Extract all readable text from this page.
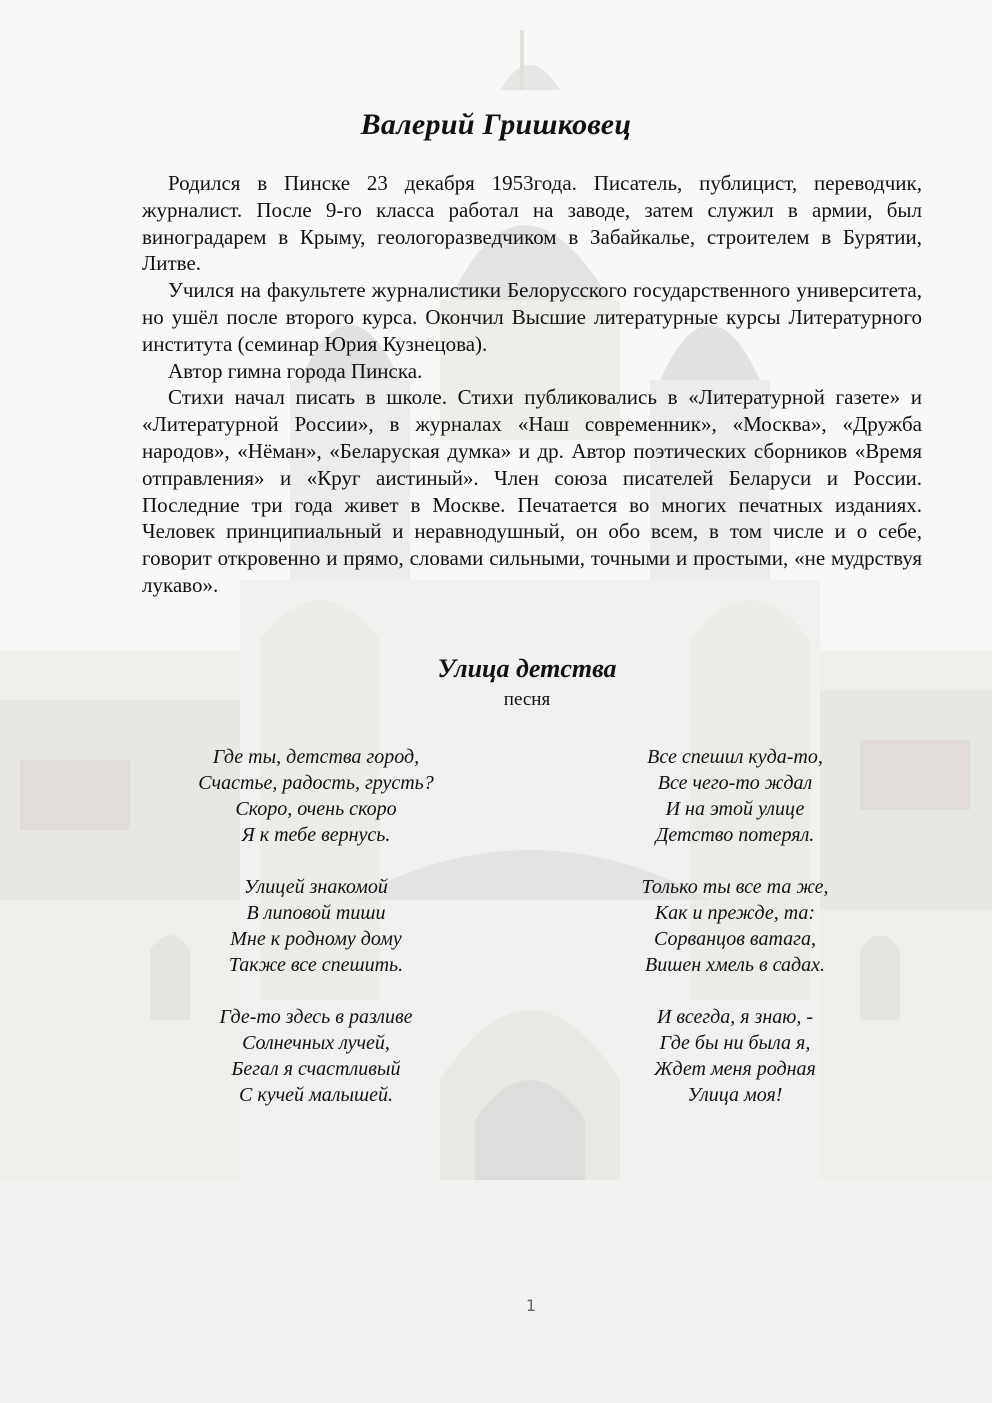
Валерий Гришковец

Родился в Пинске 23 декабря 1953года. Писатель, публицист, переводчик, журналист. После 9-го класса работал на заводе, затем служил в армии, был виноградарем в Крыму, геологоразведчиком в Забайкалье, строителем в Бурятии, Литве.

Учился на факультете журналистики Белорусского государственного университета, но ушёл после второго курса. Окончил Высшие литературные курсы Литературного института (семинар Юрия Кузнецова).

Автор гимна города Пинска.

Стихи начал писать в школе. Стихи публиковались в «Литературной газете» и «Литературной России», в журналах «Наш современник», «Москва», «Дружба народов», «Нёман», «Беларуская думка» и др. Автор поэтических сборников «Время отправления» и «Круг аистиный». Член союза писателей Беларуси и России. Последние три года живет в Москве. Печатается во многих печатных изданиях. Человек принципиальный и неравнодушный, он обо всем, в том числе и о себе, говорит откровенно и прямо, словами сильными, точными и простыми, «не мудрствуя лукаво».

Улица детства
песня
Где ты, детства город,
Счастье, радость, грусть?
Скоро, очень скоро
Я к тебе вернусь.
Улицей знакомой
В липовой тиши
Мне к родному дому
Также все спешить.
Где-то здесь в разливе
Солнечных лучей,
Бегал я счастливый
С кучей малышей.
Все спешил куда-то,
Все чего-то ждал
И на этой улице
Детство потерял.
Только ты все та же,
Как и прежде, та:
Сорванцов ватага,
Вишен хмель в садах.
И всегда, я знаю, -
Где бы ни была я,
Ждет меня родная
Улица моя!
1
